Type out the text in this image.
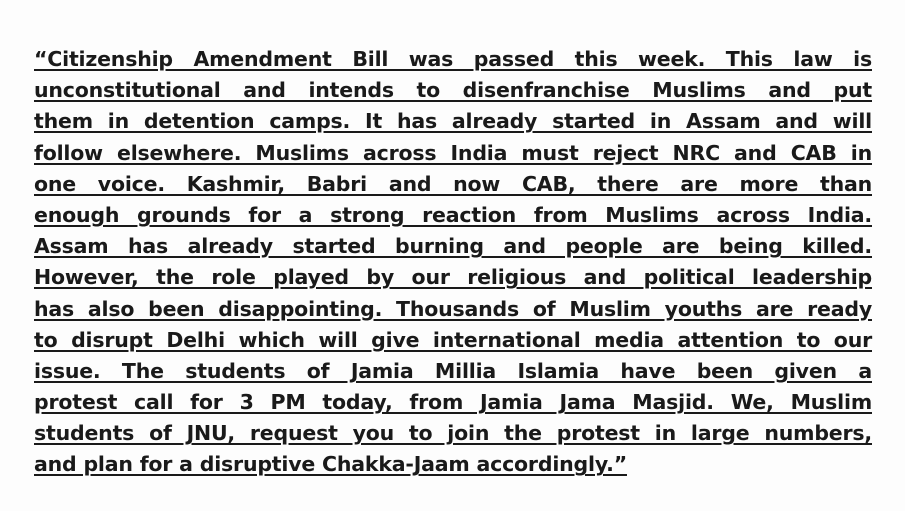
“Citizenship Amendment Bill was passed this week. This law is
unconstitutional and intends to disenfranchise Muslims and put
them in detention camps. It has already started in Assam and will
follow elsewhere. Muslims across India must reject NRC and CAB in
one voice. Kashmir, Babri and now CAB, there are more than
enough grounds for a strong reaction from Muslims across India.
Assam has already started burning and people are being killed.
However, the role played by our religious and political leadership
has also been disappointing. Thousands of Muslim youths are ready
to disrupt Delhi which will give international media attention to our
issue. The students of Jamia Millia Islamia have been given a
protest call for 3 PM today, from Jamia Jama Masjid. We, Muslim
students of JNU, request you to join the protest in large numbers,
and plan for a disruptive Chakka-Jaam accordingly.”
